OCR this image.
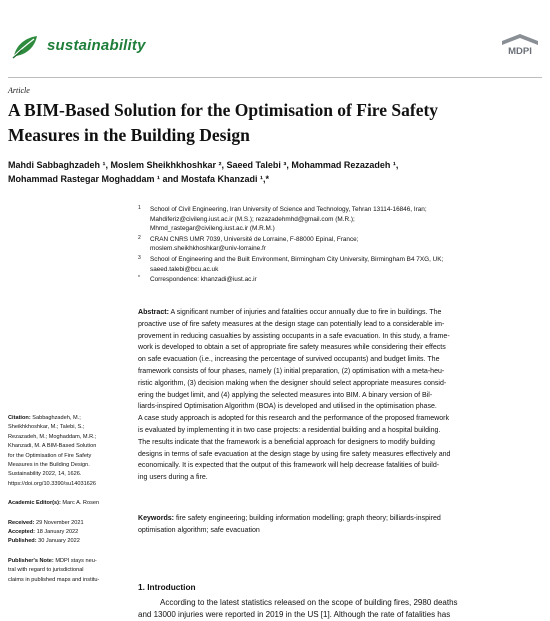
sustainability	MDPI
Article
A BIM-Based Solution for the Optimisation of Fire Safety
Measures in the Building Design
Mahdi Sabbaghzadeh ¹, Moslem Sheikhkhoshkar ², Saeed Talebi ³, Mohammad Rezazadeh ¹,
Mohammad Rastegar Moghaddam ¹ and Mostafa Khanzadi ¹,*
1 School of Civil Engineering, Iran University of Science and Technology, Tehran 13114-16846, Iran;
Mahdiferiz@civileng.iust.ac.ir (M.S.); rezazadehmhd@gmail.com (M.R.);
Mhmd_rastegar@civileng.iust.ac.ir (M.R.M.)
2 CRAN CNRS UMR 7039, Université de Lorraine, F-88000 Epinal, France;
moslem.sheikhkhoshkar@univ-lorraine.fr
3 School of Engineering and the Built Environment, Birmingham City University, Birmingham B4 7XG, UK;
saeed.talebi@bcu.ac.uk
* Correspondence: khanzadi@iust.ac.ir
Abstract: A significant number of injuries and fatalities occur annually due to fire in buildings. The
proactive use of fire safety measures at the design stage can potentially lead to a considerable im-
provement in reducing casualties by assisting occupants in a safe evacuation. In this study, a frame-
work is developed to obtain a set of appropriate fire safety measures while considering their effects
on safe evacuation (i.e., increasing the percentage of survived occupants) and budget limits. The
framework consists of four phases, namely (1) initial preparation, (2) optimisation with a meta-heu-
ristic algorithm, (3) decision making when the designer should select appropriate measures consid-
ering the budget limit, and (4) applying the selected measures into BIM. A binary version of Bil-
liards-inspired Optimisation Algorithm (BOA) is developed and utilised in the optimisation phase.
A case study approach is adopted for this research and the performance of the proposed framework
is evaluated by implementing it in two case projects: a residential building and a hospital building.
The results indicate that the framework is a beneficial approach for designers to modify building
designs in terms of safe evacuation at the design stage by using fire safety measures effectively and
economically. It is expected that the output of this framework will help decrease fatalities of build-
ing users during a fire.
Keywords: fire safety engineering; building information modelling; graph theory; billiards-inspired
optimisation algorithm; safe evacuation
Citation: Sabbaghzadeh, M.;
Sheikhkhoshkar, M.; Talebi, S.;
Rezazadeh, M.; Moghaddam, M.R.;
Khanzadi, M. A BIM-Based Solution
for the Optimisation of Fire Safety
Measures in the Building Design.
Sustainability 2022, 14, 1626.
https://doi.org/10.3390/su14031626
Academic Editor(s): Marc A. Rosen
Received: 29 November 2021
Accepted: 18 January 2022
Published: 30 January 2022
Publisher's Note: MDPI stays neu-
tral with regard to jurisdictional
claims in published maps and institu-
1. Introduction
According to the latest statistics released on the scope of building fires, 2980 deaths
and 13000 injuries were reported in 2019 in the US [1]. Although the rate of fatalities has
